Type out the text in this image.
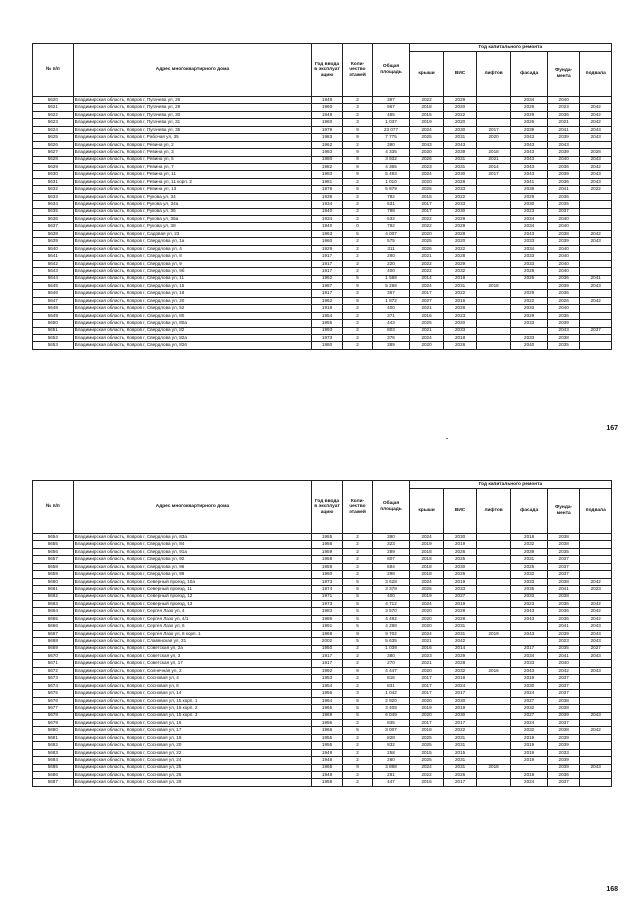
№ п/п	Адрес многоквартирного дома	Год ввода в эксплуат ацию	Коли-чество этажей	Общая площадь	Год капитального ремонта					
					крыши	ВИС	лифтов	фасада	Фунда-мента	подвала
5620	Владимирская область, Ковров г, Пугачева ул, 26	1948	2	397	2022	2029		2034	2040	
5621	Владимирская область, Ковров г, Пугачева ул, 29	1960	3	967	2018	2020		2026	2023	2042
5622	Владимирская область, Ковров г, Пугачева ул, 30	1948	2	485	2015	2022		2029	2036	2042
5623	Владимирская область, Ковров г, Пугачева ул, 31	1960	3	1 037	2019	2020		2026	2021	2042
5624	Владимирская область, Ковров г, Пугачева ул, 35	1979	9	23 077	2024	2030	2017	2039	2041	2043
5625	Владимирская область, Ковров г, Рабочая ул, 35	1983	9	7 775	2025	2031	2020	2043	2039	2043
5626	Владимирская область, Ковров г, Ревина ул, 2	1962	2	390	2043	2043		2043	2043	
5627	Владимирская область, Ковров г, Ревина ул, 3	1983	9	4 335	2020	2039	2018	2043	2039	2028
5628	Владимирская область, Ковров г, Ревина ул, 5	1980	9	3 932	2026	2031	2021	2043	2040	2043
5629	Владимирская область, Ковров г, Ревина ул, 7	1982	9	4 365	2023	2031	2014	2043	2036	2042
5630	Владимирская область, Ковров г, Ревина ул, 11	1983	9	5 493	2024	2030	2017	2043	2039	2043
5631	Владимирская область, Ковров г, Ревина ул, 11 корп. 2	1981	2	1 010	2020	2028		2041	2036	2043
5632	Владимирская область, Ковров г, Ревина ул, 13	1978	5	5 879	2025	2033		2038	2041	2022
5633	Владимирская область, Ковров г, Рукова ул, 34	1939	2	782	2015	2022		2029	2036	
5634	Владимирская область, Ковров г, Рукова ул, 34а	1934	2	531	2017	2033		2030	2035	
5635	Владимирская область, Ковров г, Рукова ул, 36	1940	2	798	2017	2030		2023	2037	
5636	Владимирская область, Ковров г, Рукова ул, 36а	1934	2	532	2022	2029		2034	2040	
5637	Владимирская область, Ковров г, Рукова ул, 38	1940	0	792	2022	2029		2034	2040	
5638	Владимирская область, Ковров г, Садовая ул, 23	1963	5	4 007	2020	2028		2043	2038	2042
5639	Владимирская область, Ковров г, Свердлова ул, 1а	1960	2	575	2025	2020		2033	2039	2043
5640	Владимирская область, Ковров г, Свердлова ул, 4	1929	2	311	2026	2022		2034	2040	
5641	Владимирская область, Ковров г, Свердлова ул, 8	1917	2	260	2021	2028		2033	2040	
5642	Владимирская область, Ковров г, Свердлова ул, 9	1917	2	220	2022	2029		2033	2040	
5643	Владимирская область, Ковров г, Свердлова ул, 9б	1917	2	400	2022	2032		2028	2040	
5644	Владимирская область, Ковров г, Свердлова ул, 11	1962	5	1 588	2014	2018		2026	2036	2041
5645	Владимирская область, Ковров г, Свердлова ул, 15	1987	9	5 298	2024	2031	2018		2039	2043
5646	Владимирская область, Ковров г, Свердлова ул, 18	1917	2	367	2017	2022		2029	2036	
5647	Владимирская область, Ковров г, Свердлова ул, 20	1962	5	1 872	2027	2016		2022	2026	2042
5648	Владимирская область, Ковров г, Свердлова ул, 52	1918	2	400	2021	2028		2033	2040	
5649	Владимирская область, Ковров г, Свердлова ул, 80	1954	2	371	2016	2023		2029	2036	
5650	Владимирская область, Ковров г, Свердлова ул, 80а	1955	2	443	2025	2020		2033	2039	
5651	Владимирская область, Ковров г, Свердлова ул, 82	1993	2	803	2021	2033			2043	2037
5652	Владимирская область, Ковров г, Свердлова ул, 82а	1973	2	376	2024	2018		2033	2038	
5653	Владимирская область, Ковров г, Свердлова ул, 826	1980	2	389	2020	2026		2040	2035	
167
№ п/п	Адрес многоквартирного дома	Год ввода в эксплуат ацию	Коли-чество этажей	Общая площадь	Год капитального ремонта					
					крыши	ВИС	лифтов	фасада	Фунда-мента	подвала
5654	Владимирская область, Ковров г, Свердлова ул, 83а	1955	2	390	2024	2030		2018	2038	
5655	Владимирская область, Ковров г, Свердлова ул, 84	1956	2	323	2019	2019		2032	2038	
5656	Владимирская область, Ковров г, Свердлова ул, 91а	1959	2	289	2018	2026		2039	2035	
5657	Владимирская область, Ковров г, Свердлова ул, 92	1958	2	807	2018	2025		2031	2037	
5658	Владимирская область, Ковров г, Свердлова ул, 96	1959	2	594	2018	2030		2025	2037	
5659	Владимирская область, Ковров г, Свердлова ул, 98	1960	2	298	2018	2026		2032	2037	
5660	Владимирская область, Ковров г, Северный проезд, 10а	1973	5	3 628	2024	2019		2033	2038	2042
5661	Владимирская область, Ковров г, Северный проезд, 11	1974	5	3 378	2025	2033		2035	2041	2023
5662	Владимирская область, Ковров г, Северный проезд, 12	1971	5	400	2019	2027		2033	2038	
5663	Владимирская область, Ковров г, Северный проезд, 13	1973	5	4 712	2024	2019		2023	2036	2042
5664	Владимирская область, Ковров г, Сергея Лазо ул, 4	1983	5	3 570	2020	2028		2043	2036	2042
5665	Владимирская область, Ковров г, Сергея Лазо ул, 4/1	1986	5	4 492	2020	2028		2043	2036	2042
5666	Владимирская область, Ковров г, Сергея Лазо ул, 6	1991	5	4 298	2020	2031			2041	2043
5667	Владимирская область, Ковров г, Сергея Лазо ул, 8 корп. 1	1968	9	9 702	2024	2031	2019	2043	2039	2043
5668	Владимирская область, Ковров г, Славянская ул, 31	2002	5	5 635	2021	2042			2023	2043
5669	Владимирская область, Ковров г, Советская ул, 2а	1950	2	1 039	2016	2014		2017	2035	2027
5670	Владимирская область, Ковров г, Советская ул, 3	1917	2	380	2023	2029		2034	2041	2043
5671	Владимирская область, Ковров г, Советская ул, 17	1917	2	270	2021	2028		2033	2040	
5672	Владимирская область, Ковров г, Солнечная ул, 2	1992	9	4 447	2020	2032	2016	2043	2042	2043
5673	Владимирская область, Ковров г, Сосновая ул, 4	1953	2	816	2017	2018		2019	2037	
5674	Владимирская область, Ковров г, Сосновая ул, 6	1954	2	831	2017	2024		2030	2037	
5675	Владимирская область, Ковров г, Сосновая ул, 14	1956	3	1 042	2017	2017		2024	2037	
5676	Владимирская область, Ковров г, Сосновая ул, 15 корп. 1	1964	5	2 920	2020	2030		2027	2038	
5677	Владимирская область, Ковров г, Сосновая ул, 15 корп. 2	1965	5	3 408	2019	2019		2032	2038	
5678	Владимирская область, Ковров г, Сосновая ул, 15 корп. 3	1969	5	6 049	2020	2030		2027	2039	2043
5679	Владимирская область, Ковров г, Сосновая ул, 16	1956	2	835	2017	2017		2024	2037	
5680	Владимирская область, Ковров г, Сосновая ул, 17	1966	5	3 007	2018	2022		2032	2038	2042
5681	Владимирская область, Ковров г, Сосновая ул, 18	1955	2	828	2025	2031		2019	2039	
5682	Владимирская область, Ковров г, Сосновая ул, 20	1955	2	832	2025	2031		2019	2039	
5683	Владимирская область, Ковров г, Сосновая ул, 22	1949	2	258	2015	2015		2019	2033	
5684	Владимирская область, Ковров г, Сосновая ул, 24	1948	2	260	2025	2031		2019	2039	
5685	Владимирская область, Ковров г, Сосновая ул, 25	1965	9	3 898	2024	2031	2018		2039	2043
5686	Владимирская область, Ковров г, Сосновая ул, 26	1948	2	261	2022	2026		2018	2036	
5687	Владимирская область, Ковров г, Сосновая ул, 28	1958	2	447	2016	2017		2024	2037	
168
